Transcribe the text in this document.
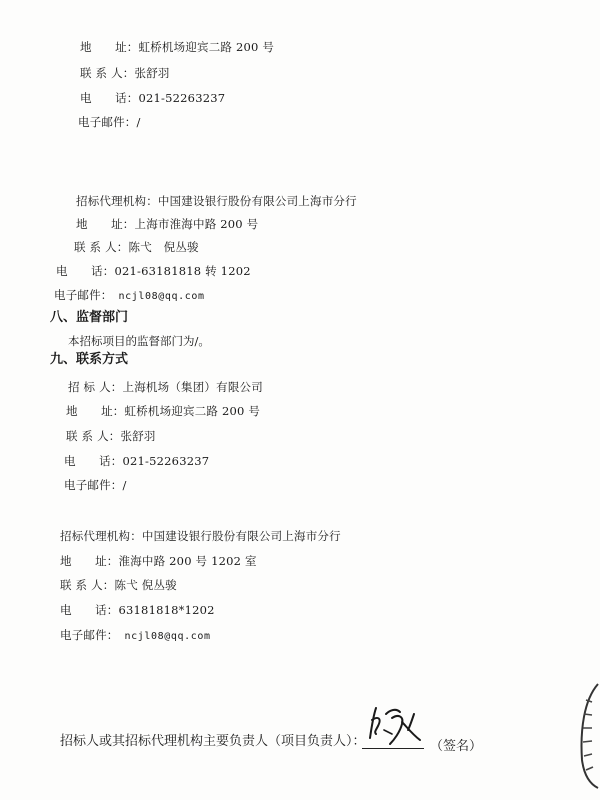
地　　址：虹桥机场迎宾二路 200 号
联 系 人：张舒羽
电　　话：021-52263237
电子邮件：/
招标代理机构：中国建设银行股份有限公司上海市分行
地　　址：上海市淮海中路 200 号
联 系 人：陈弋　倪丛骏
电　　话：021-63181818 转 1202
电子邮件： ncjl08@qq.com
八、监督部门
本招标项目的监督部门为/。
九、联系方式
招 标 人：上海机场（集团）有限公司
地　　址：虹桥机场迎宾二路 200 号
联 系 人：张舒羽
电　　话：021-52263237
电子邮件：/
招标代理机构：中国建设银行股份有限公司上海市分行
地　　址：淮海中路 200 号 1202 室
联 系 人：陈弋 倪丛骏
电　　话：63181818*1202
电子邮件： ncjl08@qq.com
招标人或其招标代理机构主要负责人（项目负责人）：	（签名）
